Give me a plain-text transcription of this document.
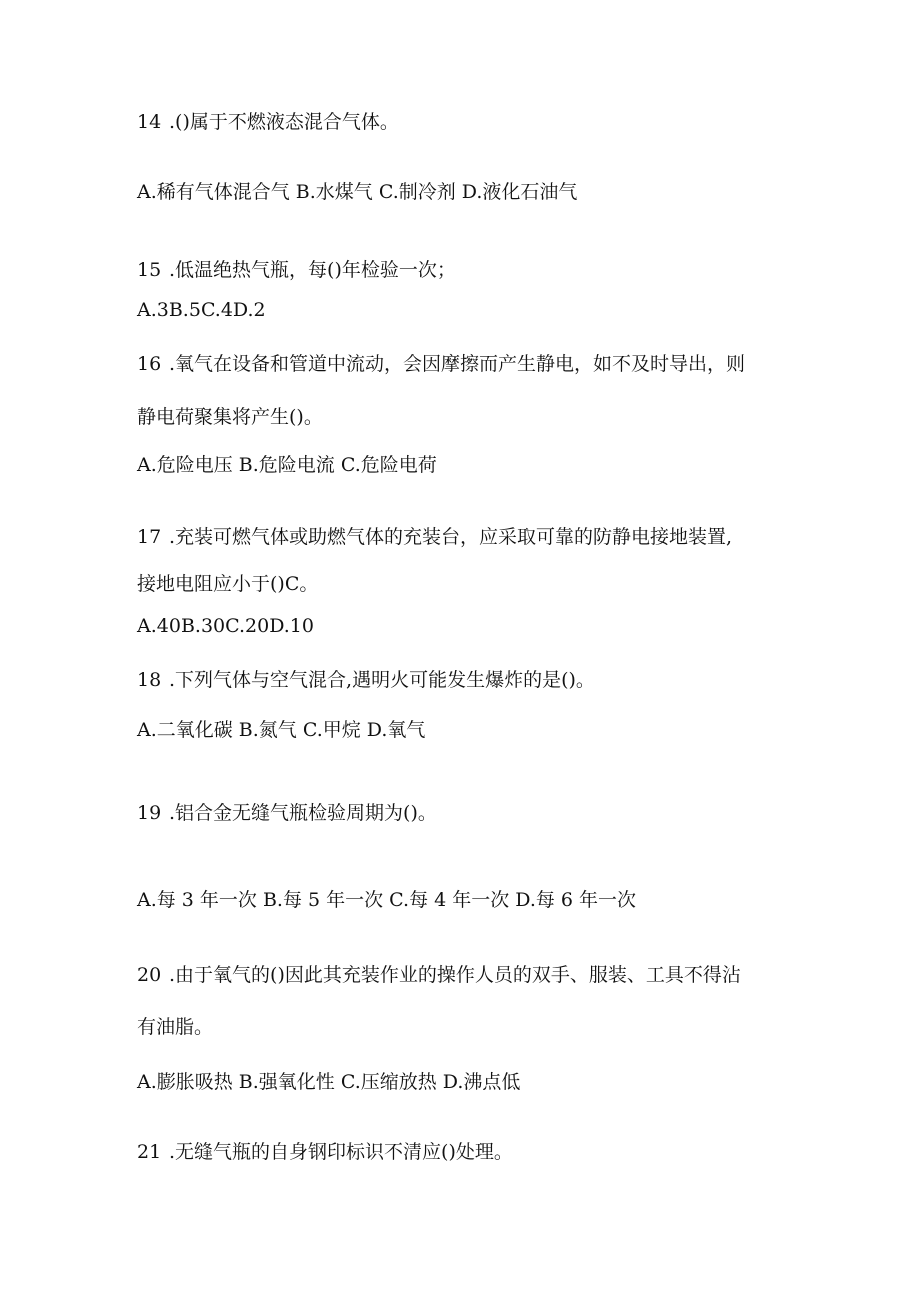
14 .()属于不燃液态混合气体。
A.稀有气体混合气 B.水煤气 C.制冷剂 D.液化石油气
15 .低温绝热气瓶，每()年检验一次；
A.3B.5C.4D.2
16 .氧气在设备和管道中流动，会因摩擦而产生静电，如不及时导出，则
静电荷聚集将产生()。
A.危险电压 B.危险电流 C.危险电荷
17 .充装可燃气体或助燃气体的充装台，应采取可靠的防静电接地装置,
接地电阻应小于()C。
A.40B.30C.20D.10
18 .下列气体与空气混合,遇明火可能发生爆炸的是()。
A.二氧化碳 B.氮气 C.甲烷 D.氧气
19 .铝合金无缝气瓶检验周期为()。
A.每 3 年一次 B.每 5 年一次 C.每 4 年一次 D.每 6 年一次
20 .由于氧气的()因此其充装作业的操作人员的双手、服装、工具不得沾
有油脂。
A.膨胀吸热 B.强氧化性 C.压缩放热 D.沸点低
21 .无缝气瓶的自身钢印标识不清应()处理。
